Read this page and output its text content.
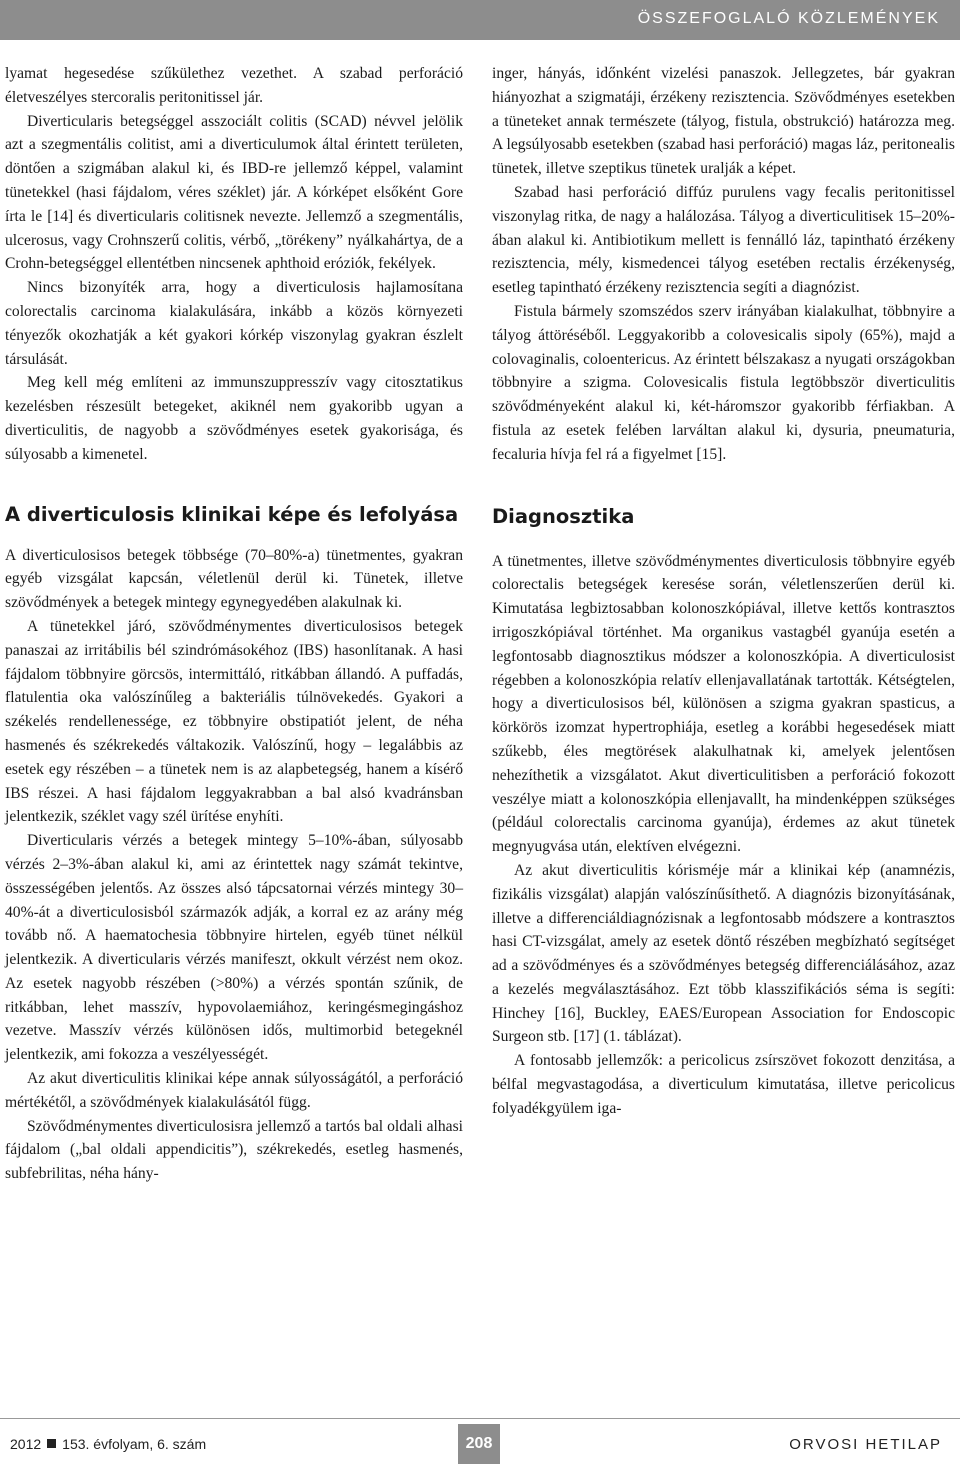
ÖSSZEFOGLALÓ KÖZLEMÉNYEK

lyamat hegesedése szűkülethez vezethet. A szabad perforáció életveszélyes stercoralis peritonitissel jár.

Diverticularis betegséggel asszociált colitis (SCAD) névvel jelölik azt a szegmentális colitist, ami a diverticulumok által érintett területen, döntően a szigmában alakul ki, és IBD-re jellemző képpel, valamint tünetekkel (hasi fájdalom, véres széklet) jár. A kórképet elsőként Gore írta le [14] és diverticularis colitisnek nevezte. Jellemző a szegmentális, ulcerosus, vagy Crohnszerű colitis, vérbő, „törékeny” nyálkahártya, de a Crohn-betegséggel ellentétben nincsenek aphthoid eróziók, fekélyek.

Nincs bizonyíték arra, hogy a diverticulosis hajlamosítana colorectalis carcinoma kialakulására, inkább a közös környezeti tényezők okozhatják a két gyakori kórkép viszonylag gyakran észlelt társulását.

Meg kell még említeni az immunszuppresszív vagy citosztatikus kezelésben részesült betegeket, akiknél nem gyakoribb ugyan a diverticulitis, de nagyobb a szövődményes esetek gyakorisága, és súlyosabb a kimenetel.

A diverticulosis klinikai képe és lefolyása

A diverticulosisos betegek többsége (70–80%-a) tünetmentes, gyakran egyéb vizsgálat kapcsán, véletlenül derül ki. Tünetek, illetve szövődmények a betegek mintegy egynegyedében alakulnak ki.

A tünetekkel járó, szövődménymentes diverticulosisos betegek panaszai az irritábilis bél szindrómásokéhoz (IBS) hasonlítanak. A hasi fájdalom többnyire görcsös, intermittáló, ritkábban állandó. A puffadás, flatulentia oka valószínűleg a bakteriális túlnövekedés. Gyakori a székelés rendellenessége, ez többnyire obstipatiót jelent, de néha hasmenés és székrekedés váltakozik. Valószínű, hogy – legalábbis az esetek egy részében – a tünetek nem is az alapbetegség, hanem a kísérő IBS részei. A hasi fájdalom leggyakrabban a bal alsó kvadránsban jelentkezik, széklet vagy szél ürítése enyhíti.

Diverticularis vérzés a betegek mintegy 5–10%-ában, súlyosabb vérzés 2–3%-ában alakul ki, ami az érintettek nagy számát tekintve, összességében jelentős. Az összes alsó tápcsatornai vérzés mintegy 30–40%-át a diverticulosisból származók adják, a korral ez az arány még tovább nő. A haematochesia többnyire hirtelen, egyéb tünet nélkül jelentkezik. A diverticularis vérzés manifeszt, okkult vérzést nem okoz. Az esetek nagyobb részében (>80%) a vérzés spontán szűnik, de ritkábban, lehet masszív, hypovolaemiához, keringésmegingáshoz vezetve. Masszív vérzés különösen idős, multimorbid betegeknél jelentkezik, ami fokozza a veszélyességét.

Az akut diverticulitis klinikai képe annak súlyosságától, a perforáció mértékétől, a szövődmények kialakulásától függ.

Szövődménymentes diverticulosisra jellemző a tartós bal oldali alhasi fájdalom („bal oldali appendicitis”), székrekedés, esetleg hasmenés, subfebrilitas, néha hány-

inger, hányás, időnként vizelési panaszok. Jellegzetes, bár gyakran hiányozhat a szigmatáji, érzékeny rezisztencia. Szövődményes esetekben a tüneteket annak természete (tályog, fistula, obstrukció) határozza meg. A legsúlyosabb esetekben (szabad hasi perforáció) magas láz, peritonealis tünetek, illetve szeptikus tünetek uralják a képet.

Szabad hasi perforáció diffúz purulens vagy fecalis peritonitissel viszonylag ritka, de nagy a halálozása. Tályog a diverticulitisek 15–20%-ában alakul ki. Antibiotikum mellett is fennálló láz, tapintható érzékeny rezisztencia, mély, kismedencei tályog esetében rectalis érzékenység, esetleg tapintható érzékeny rezisztencia segíti a diagnózist.

Fistula bármely szomszédos szerv irányában kialakulhat, többnyire a tályog áttöréséből. Leggyakoribb a colovesicalis sipoly (65%), majd a colovaginalis, coloentericus. Az érintett bélszakasz a nyugati országokban többnyire a szigma. Colovesicalis fistula legtöbbször diverticulitis szövődményeként alakul ki, két-háromszor gyakoribb férfiakban. A fistula az esetek felében larváltan alakul ki, dysuria, pneumaturia, fecaluria hívja fel rá a figyelmet [15].

Diagnosztika

A tünetmentes, illetve szövődménymentes diverticulosis többnyire egyéb colorectalis betegségek keresése során, véletlenszerűen derül ki. Kimutatása legbiztosabban kolonoszkópiával, illetve kettős kontrasztos irrigoszkópiával történhet. Ma organikus vastagbél gyanúja esetén a legfontosabb diagnosztikus módszer a kolonoszkópia. A diverticulosist régebben a kolonoszkópia relatív ellenjavallatának tartották. Kétségtelen, hogy a diverticulosisos bél, különösen a szigma gyakran spasticus, a körkörös izomzat hypertrophiája, esetleg a korábbi hegesedések miatt szűkebb, éles megtörések alakulhatnak ki, amelyek jelentősen nehezíthetik a vizsgálatot. Akut diverticulitisben a perforáció fokozott veszélye miatt a kolonoszkópia ellenjavallt, ha mindenképpen szükséges (például colorectalis carcinoma gyanúja), érdemes az akut tünetek megnyugvása után, elektíven elvégezni.

Az akut diverticulitis kórisméje már a klinikai kép (anamnézis, fizikális vizsgálat) alapján valószínűsíthető. A diagnózis bizonyításának, illetve a differenciáldiagnózisnak a legfontosabb módszere a kontrasztos hasi CT-vizsgálat, amely az esetek döntő részében megbízható segítséget ad a szövődményes és a szövődményes betegség differenciálásához, azaz a kezelés megválasztásához. Ezt több klasszifikációs séma is segíti: Hinchey [16], Buckley, EAES/European Association for Endoscopic Surgeon stb. [17] (1. táblázat).

A fontosabb jellemzők: a pericolicus zsírszövet fokozott denzitása, a bélfal megvastagodása, a diverticulum kimutatása, illetve pericolicus folyadékgyülem iga-

2012 153. évfolyam, 6. szám	208	ORVOSI HETILAP
